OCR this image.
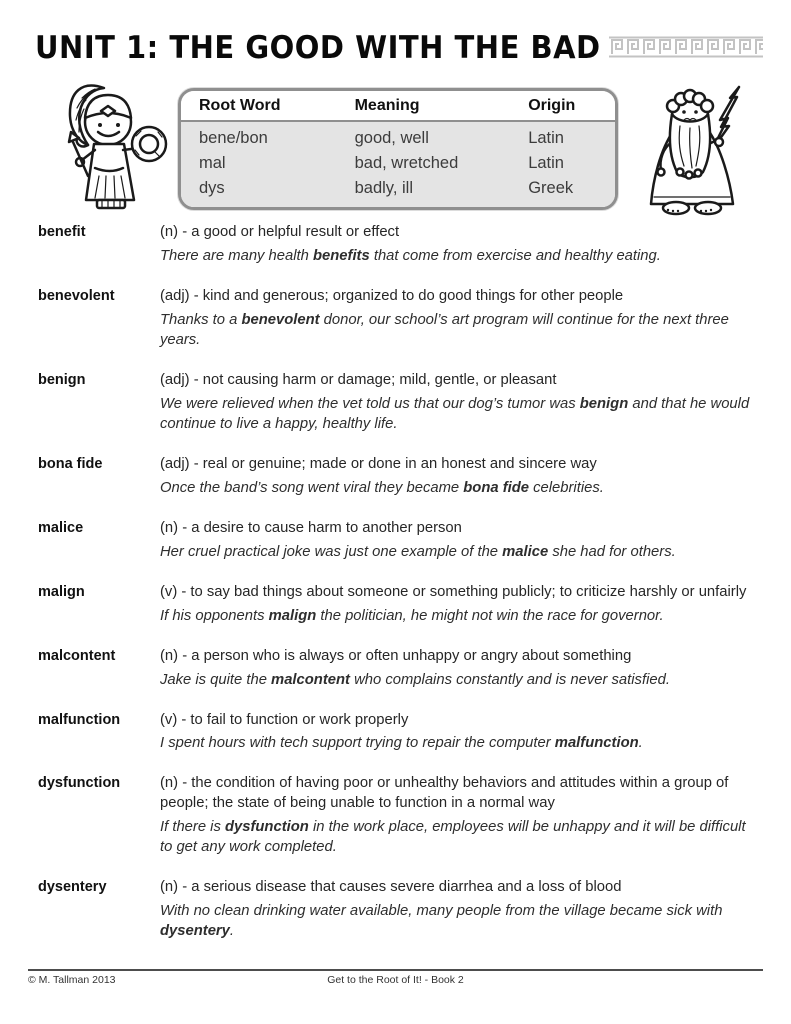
UNIT 1: THE GOOD WITH THE BAD
Root Word	Meaning	Origin
bene/bon	good, well	Latin
mal	bad, wretched	Latin
dys	badly, ill	Greek
benefit	(n) - a good or helpful result or effect
There are many health benefits that come from exercise and healthy eating.
benevolent	(adj) - kind and generous; organized to do good things for other people
Thanks to a benevolent donor, our school’s art program will continue for the next three years.
benign	(adj) - not causing harm or damage; mild, gentle, or pleasant
We were relieved when the vet told us that our dog’s tumor was benign and that he would continue to live a happy, healthy life.
bona fide	(adj) - real or genuine; made or done in an honest and sincere way
Once the band’s song went viral they became bona fide celebrities.
malice	(n) - a desire to cause harm to another person
Her cruel practical joke was just one example of the malice she had for others.
malign	(v) - to say bad things about someone or something publicly; to criticize harshly or unfairly
If his opponents malign the politician, he might not win the race for governor.
malcontent	(n) - a person who is always or often unhappy or angry about something
Jake is quite the malcontent who complains constantly and is never satisfied.
malfunction	(v) - to fail to function or work properly
I spent hours with tech support trying to repair the computer malfunction.
dysfunction	(n) - the condition of having poor or unhealthy behaviors and attitudes within a group of people; the state of being unable to function in a normal way
If there is dysfunction in the work place, employees will be unhappy and it will be difficult to get any work completed.
dysentery	(n) - a serious disease that causes severe diarrhea and a loss of blood
With no clean drinking water available, many people from the village became sick with dysentery.
© M. Tallman 2013	Get to the Root of It! - Book 2
